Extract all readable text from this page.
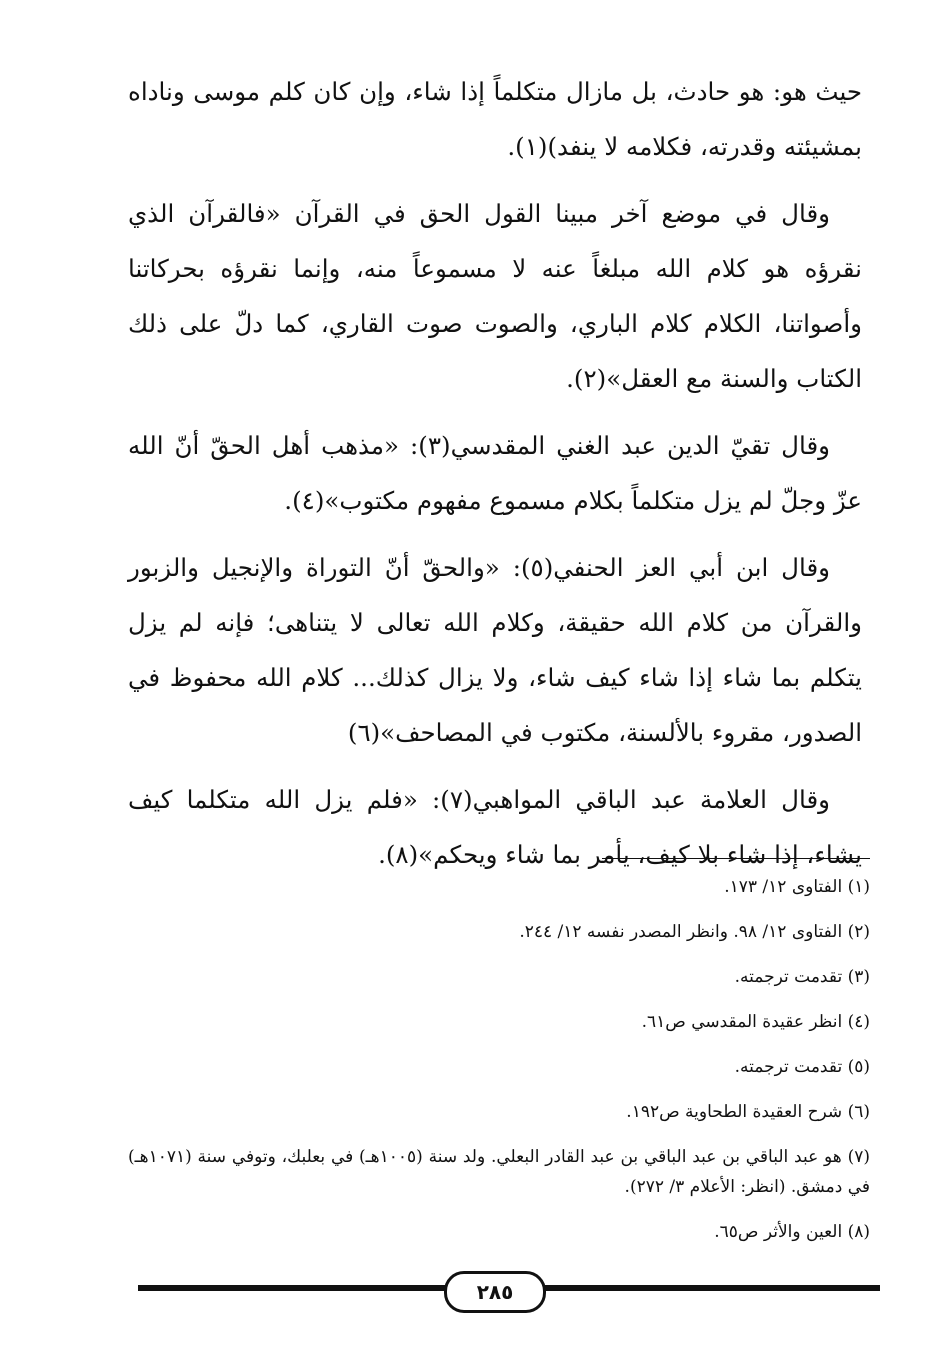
حيث هو: هو حادث، بل مازال متكلماً إذا شاء، وإن كان كلم موسى وناداه بمشيئته وقدرته، فكلامه لا ينفد)(١).

وقال في موضع آخر مبينا القول الحق في القرآن «فالقرآن الذي نقرؤه هو كلام الله مبلغاً عنه لا مسموعاً منه، وإنما نقرؤه بحركاتنا وأصواتنا، الكلام كلام الباري، والصوت صوت القاري، كما دلّ على ذلك الكتاب والسنة مع العقل»(٢).

وقال تقيّ الدين عبد الغني المقدسي(٣): «مذهب أهل الحقّ أنّ الله عزّ وجلّ لم يزل متكلماً بكلام مسموع مفهوم مكتوب»(٤).

وقال ابن أبي العز الحنفي(٥): «والحقّ أنّ التوراة والإنجيل والزبور والقرآن من كلام الله حقيقة، وكلام الله تعالى لا يتناهى؛ فإنه لم يزل يتكلم بما شاء إذا شاء كيف شاء، ولا يزال كذلك... كلام الله محفوظ في الصدور، مقروء بالألسنة، مكتوب في المصاحف»(٦)

وقال العلامة عبد الباقي المواهبي(٧): «فلم يزل الله متكلما كيف يشاء، إذا شاء بلا كيف، يأمر بما شاء ويحكم»(٨).

(١) الفتاوى ١٢/ ١٧٣.

(٢) الفتاوى ١٢/ ٩٨. وانظر المصدر نفسه ١٢/ ٢٤٤.

(٣) تقدمت ترجمته.

(٤) انظر عقيدة المقدسي ص٦١.

(٥) تقدمت ترجمته.

(٦) شرح العقيدة الطحاوية ص١٩٢.

(٧) هو عبد الباقي بن عبد الباقي بن عبد القادر البعلي. ولد سنة (١٠٠٥هـ) في بعلبك، وتوفي سنة (١٠٧١هـ) في دمشق. (انظر: الأعلام ٣/ ٢٧٢).

(٨) العين والأثر ص٦٥.

٢٨٥
